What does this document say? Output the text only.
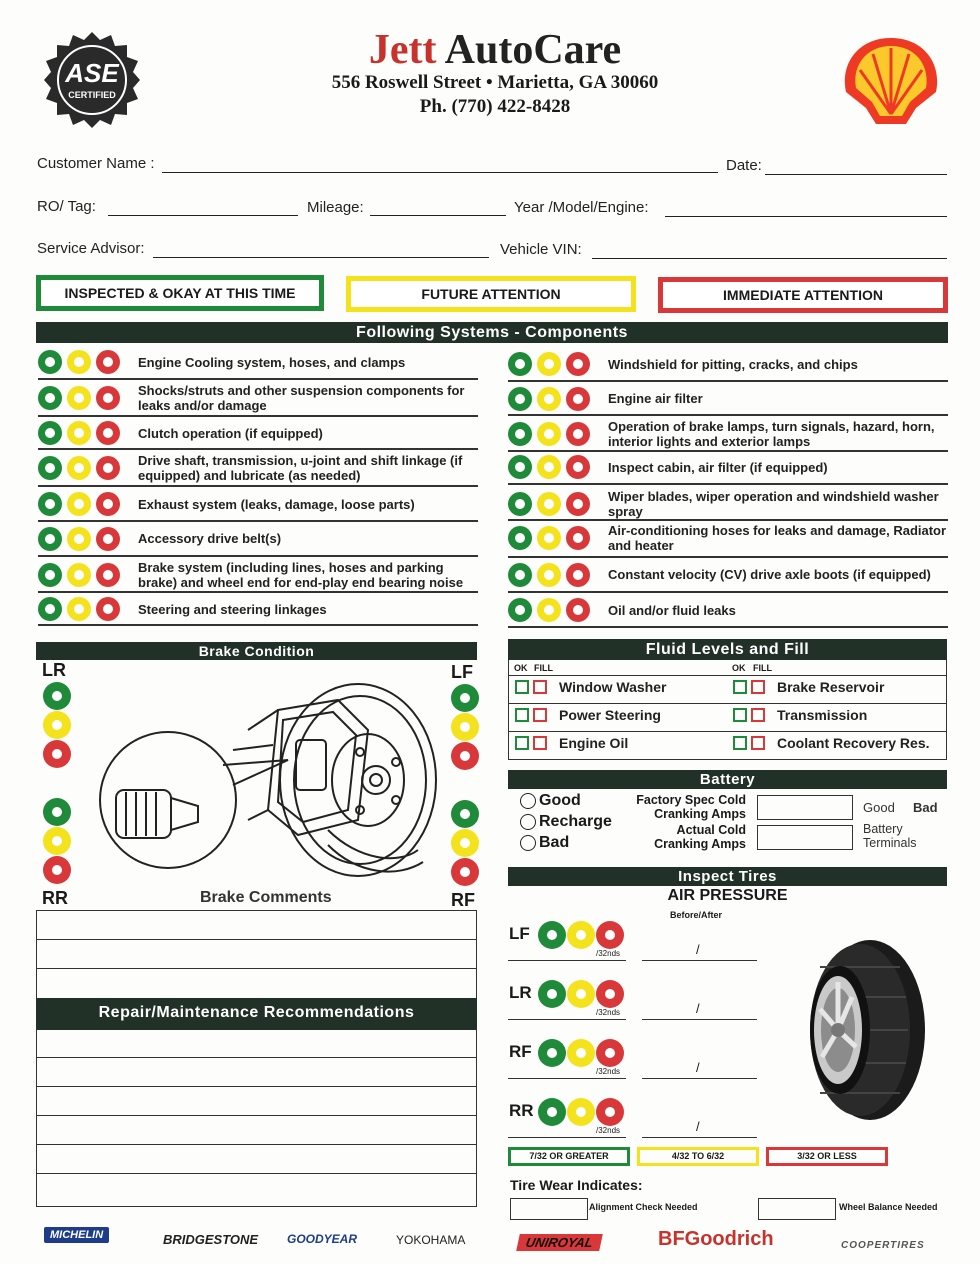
ASE
CERTIFIED
Jett AutoCare
556 Roswell Street • Marietta, GA 30060
Ph. (770) 422-8428
Customer Name :	Date:
RO/ Tag:	Mileage:	Year /Model/Engine:
Service Advisor:	Vehicle VIN:
INSPECTED & OKAY AT THIS TIME	FUTURE ATTENTION	IMMEDIATE ATTENTION
Following Systems - Components
Engine Cooling system, hoses, and clamps
Shocks/struts and other suspension components for leaks and/or damage
Clutch operation (if equipped)
Drive shaft, transmission, u-joint and shift linkage (if equipped) and lubricate (as needed)
Exhaust system (leaks, damage, loose parts)
Accessory drive belt(s)
Brake system (including lines, hoses and parking brake) and wheel end for end-play end bearing noise
Steering and steering linkages
Windshield for pitting, cracks, and chips
Engine air filter
Operation of brake lamps, turn signals, hazard, horn, interior lights and exterior lamps
Inspect cabin, air filter (if equipped)
Wiper blades, wiper operation and windshield washer spray
Air-conditioning hoses for leaks and damage, Radiator and heater
Constant velocity (CV) drive axle boots (if equipped)
Oil and/or fluid leaks
Brake Condition
LR	LF
RR	RF
Brake Comments
Repair/Maintenance Recommendations
Fluid Levels and Fill
OK FILL	OK FILL
Window Washer	Brake Reservoir
Power Steering	Transmission
Engine Oil	Coolant Recovery Res.
Battery
Good
Recharge
Bad
Factory Spec Cold Cranking Amps
Actual Cold Cranking Amps
Good Bad
Battery Terminals
Inspect Tires
AIR PRESSURE
Before/After
LF
/32nds	/
LR
/32nds	/
RF
/32nds	/
RR
/32nds	/
7/32 OR GREATER	4/32 TO 6/32	3/32 OR LESS
Tire Wear Indicates:
Alignment Check Needed	Wheel Balance Needed
MICHELIN	BRIDGESTONE GOODYEAR	YOKOHAMA	UNIROYAL	BFGoodrich	COOPERTIRES
